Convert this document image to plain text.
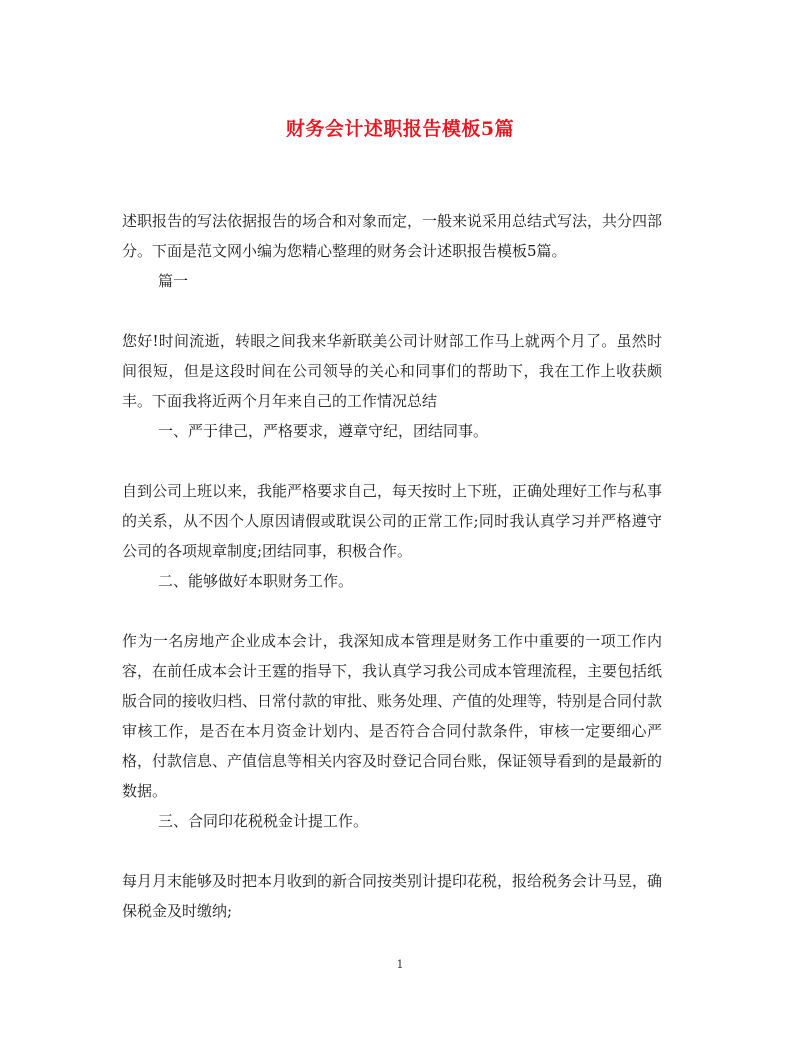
财务会计述职报告模板5篇

述职报告的写法依据报告的场合和对象而定，一般来说采用总结式写法，共分四部分。下面是范文网小编为您精心整理的财务会计述职报告模板5篇。

篇一

您好!时间流逝，转眼之间我来华新联美公司计财部工作马上就两个月了。虽然时间很短，但是这段时间在公司领导的关心和同事们的帮助下，我在工作上收获颇丰。下面我将近两个月年来自己的工作情况总结

一、严于律己，严格要求，遵章守纪，团结同事。

自到公司上班以来，我能严格要求自己，每天按时上下班，正确处理好工作与私事的关系，从不因个人原因请假或耽误公司的正常工作;同时我认真学习并严格遵守公司的各项规章制度;团结同事，积极合作。

二、能够做好本职财务工作。

作为一名房地产企业成本会计，我深知成本管理是财务工作中重要的一项工作内容，在前任成本会计王霆的指导下，我认真学习我公司成本管理流程，主要包括纸版合同的接收归档、日常付款的审批、账务处理、产值的处理等，特别是合同付款审核工作，是否在本月资金计划内、是否符合合同付款条件，审核一定要细心严格，付款信息、产值信息等相关内容及时登记合同台账，保证领导看到的是最新的数据。

三、合同印花税税金计提工作。

每月月末能够及时把本月收到的新合同按类别计提印花税，报给税务会计马昱，确保税金及时缴纳;

1
